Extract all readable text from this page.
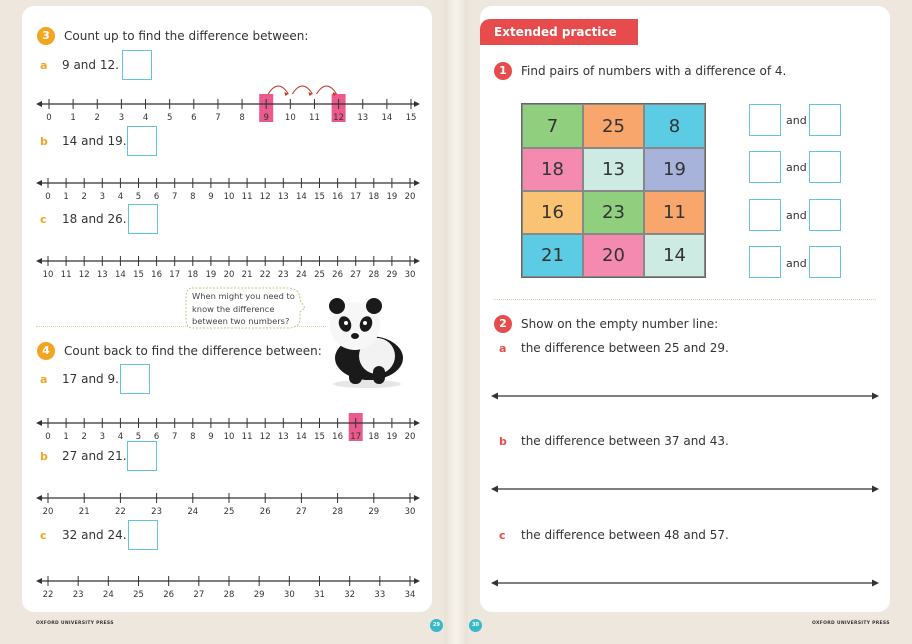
3	Count up to find the difference between:
a 9 and 12.
0 1 2 3 4 5 6 7 8 9 10 11 12 13 14 15
b 14 and 19.
0 1 2 3 4 5 6 7 8 9 10 11 12 13 14 15 16 17 18 19 20
c 18 and 26.
10 11 12 13 14 15 16 17 18 19 20 21 22 23 24 25 26 27 28 29 30
When might you need to know the difference between two numbers?
4	Count back to find the difference between:
a 17 and 9.
0 1 2 3 4 5 6 7 8 9 10 11 12 13 14 15 16 17 18 19 20
b 27 and 21.
20	21	22	23	24	25	26	27	28	29	30
c 32 and 24.
22 23 24 25 26 27 28 29 30 31 32 33 34
OXFORD UNIVERSITY PRESS	29
Extended practice
1	Find pairs of numbers with a difference of 4.
7	25	8
18	13	19
16	23	11
21	20	14
and
and
and
and
2	Show on the empty number line:
a the difference between 25 and 29.
b the difference between 37 and 43.
c the difference between 48 and 57.
30	OXFORD UNIVERSITY PRESS
